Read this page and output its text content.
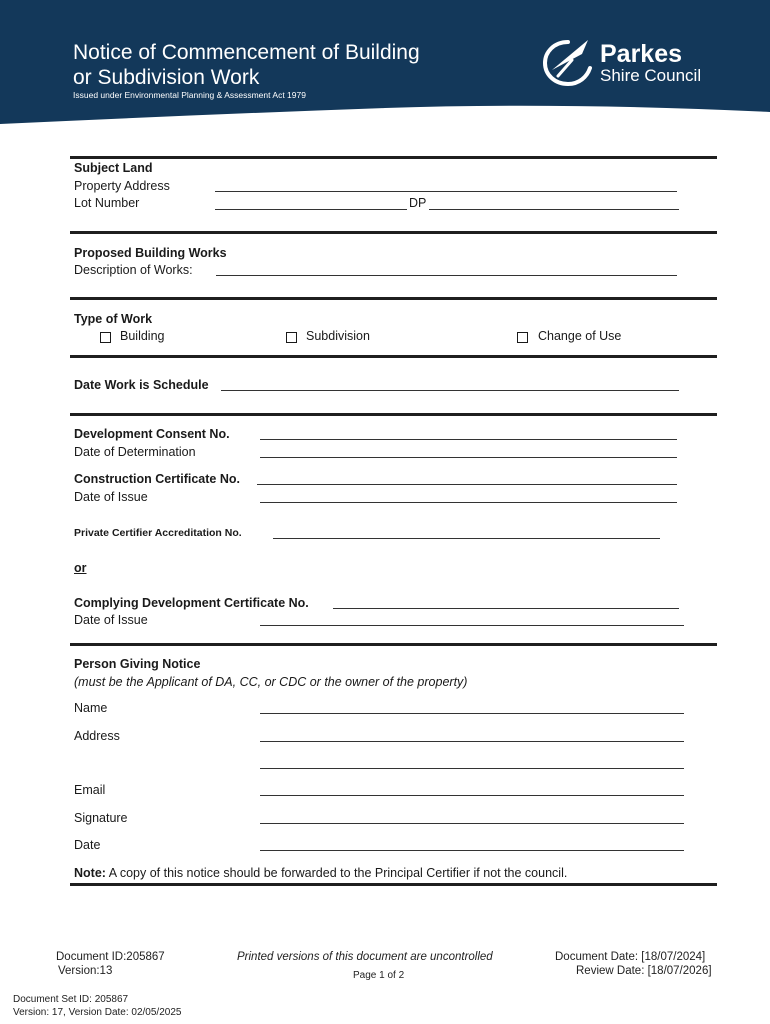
Notice of Commencement of Building
or Subdivision Work
Issued under Environmental Planning & Assessment Act 1979
Parkes
Shire Council
Subject Land
Property Address
Lot Number	DP
Proposed Building Works
Description of Works:
Type of Work
Building	Subdivision	Change of Use
Date Work is Schedule
Development Consent No.
Date of Determination
Construction Certificate No.
Date of Issue
Private Certifier Accreditation No.
or
Complying Development Certificate No.
Date of Issue
Person Giving Notice
(must be the Applicant of DA, CC, or CDC or the owner of the property)
Name
Address
Email
Signature
Date
Note: A copy of this notice should be forwarded to the Principal Certifier if not the council.
Document ID:205867
Version:13
Printed versions of this document are uncontrolled
Page 1 of 2
Document Date: [18/07/2024]
Review Date: [18/07/2026]
Document Set ID: 205867
Version: 17, Version Date: 02/05/2025
